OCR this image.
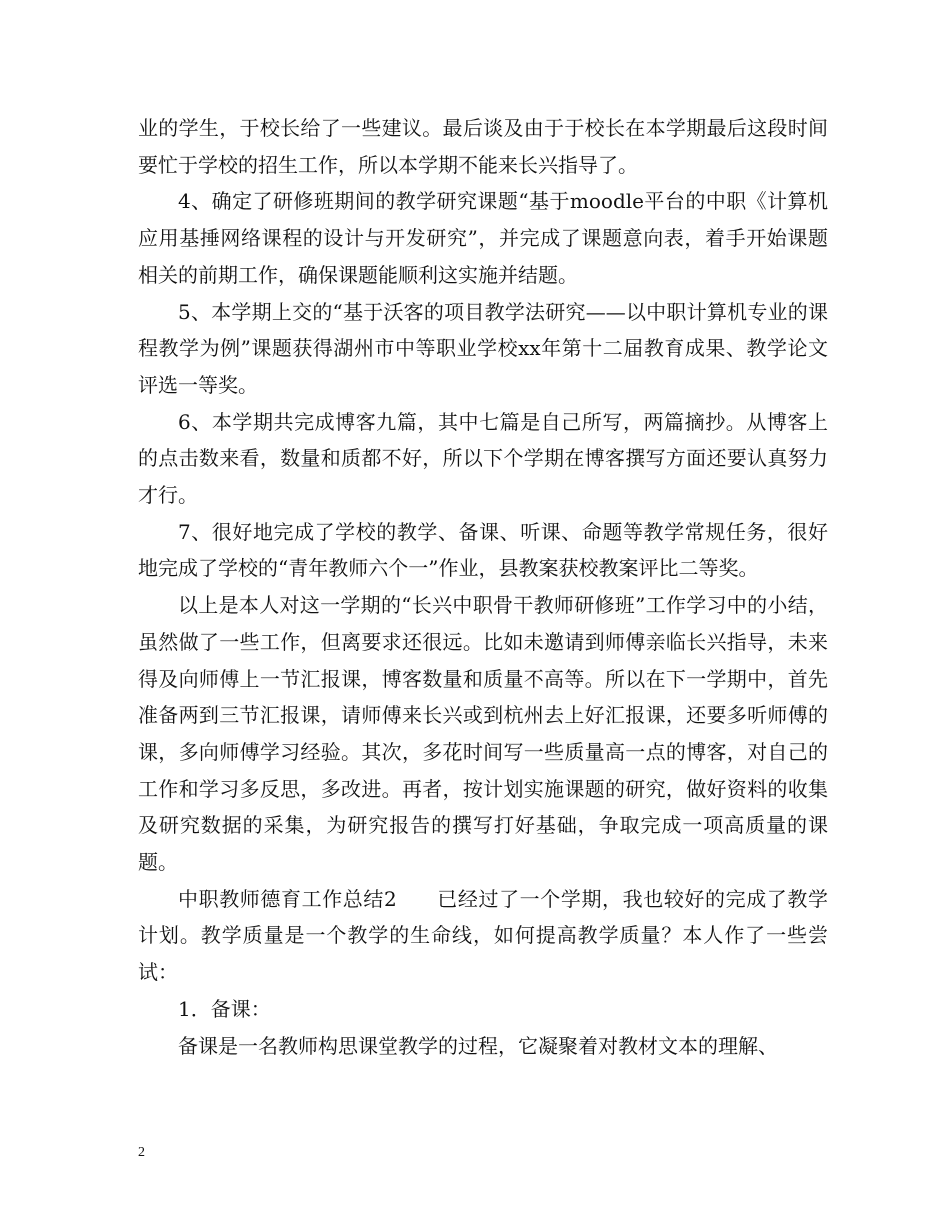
业的学生，于校长给了一些建议。最后谈及由于于校长在本学期最后这段时间要忙于学校的招生工作，所以本学期不能来长兴指导了。

4、确定了研修班期间的教学研究课题“基于moodle平台的中职《计算机应用基捶网络课程的设计与开发研究”，并完成了课题意向表，着手开始课题相关的前期工作，确保课题能顺利这实施并结题。

5、本学期上交的“基于沃客的项目教学法研究——以中职计算机专业的课程教学为例”课题获得湖州市中等职业学校xx年第十二届教育成果、教学论文评选一等奖。

6、本学期共完成博客九篇，其中七篇是自己所写，两篇摘抄。从博客上的点击数来看，数量和质都不好，所以下个学期在博客撰写方面还要认真努力才行。

7、很好地完成了学校的教学、备课、听课、命题等教学常规任务，很好地完成了学校的“青年教师六个一”作业，县教案获校教案评比二等奖。

以上是本人对这一学期的“长兴中职骨干教师研修班”工作学习中的小结，虽然做了一些工作，但离要求还很远。比如未邀请到师傅亲临长兴指导，未来得及向师傅上一节汇报课，博客数量和质量不高等。所以在下一学期中，首先准备两到三节汇报课，请师傅来长兴或到杭州去上好汇报课，还要多听师傅的课，多向师傅学习经验。其次，多花时间写一些质量高一点的博客，对自己的工作和学习多反思，多改进。再者，按计划实施课题的研究，做好资料的收集及研究数据的采集，为研究报告的撰写打好基础，争取完成一项高质量的课题。

中职教师德育工作总结2 已经过了一个学期，我也较好的完成了教学计划。教学质量是一个教学的生命线，如何提高教学质量？本人作了一些尝试：

1．备课：

备课是一名教师构思课堂教学的过程，它凝聚着对教材文本的理解、

2
